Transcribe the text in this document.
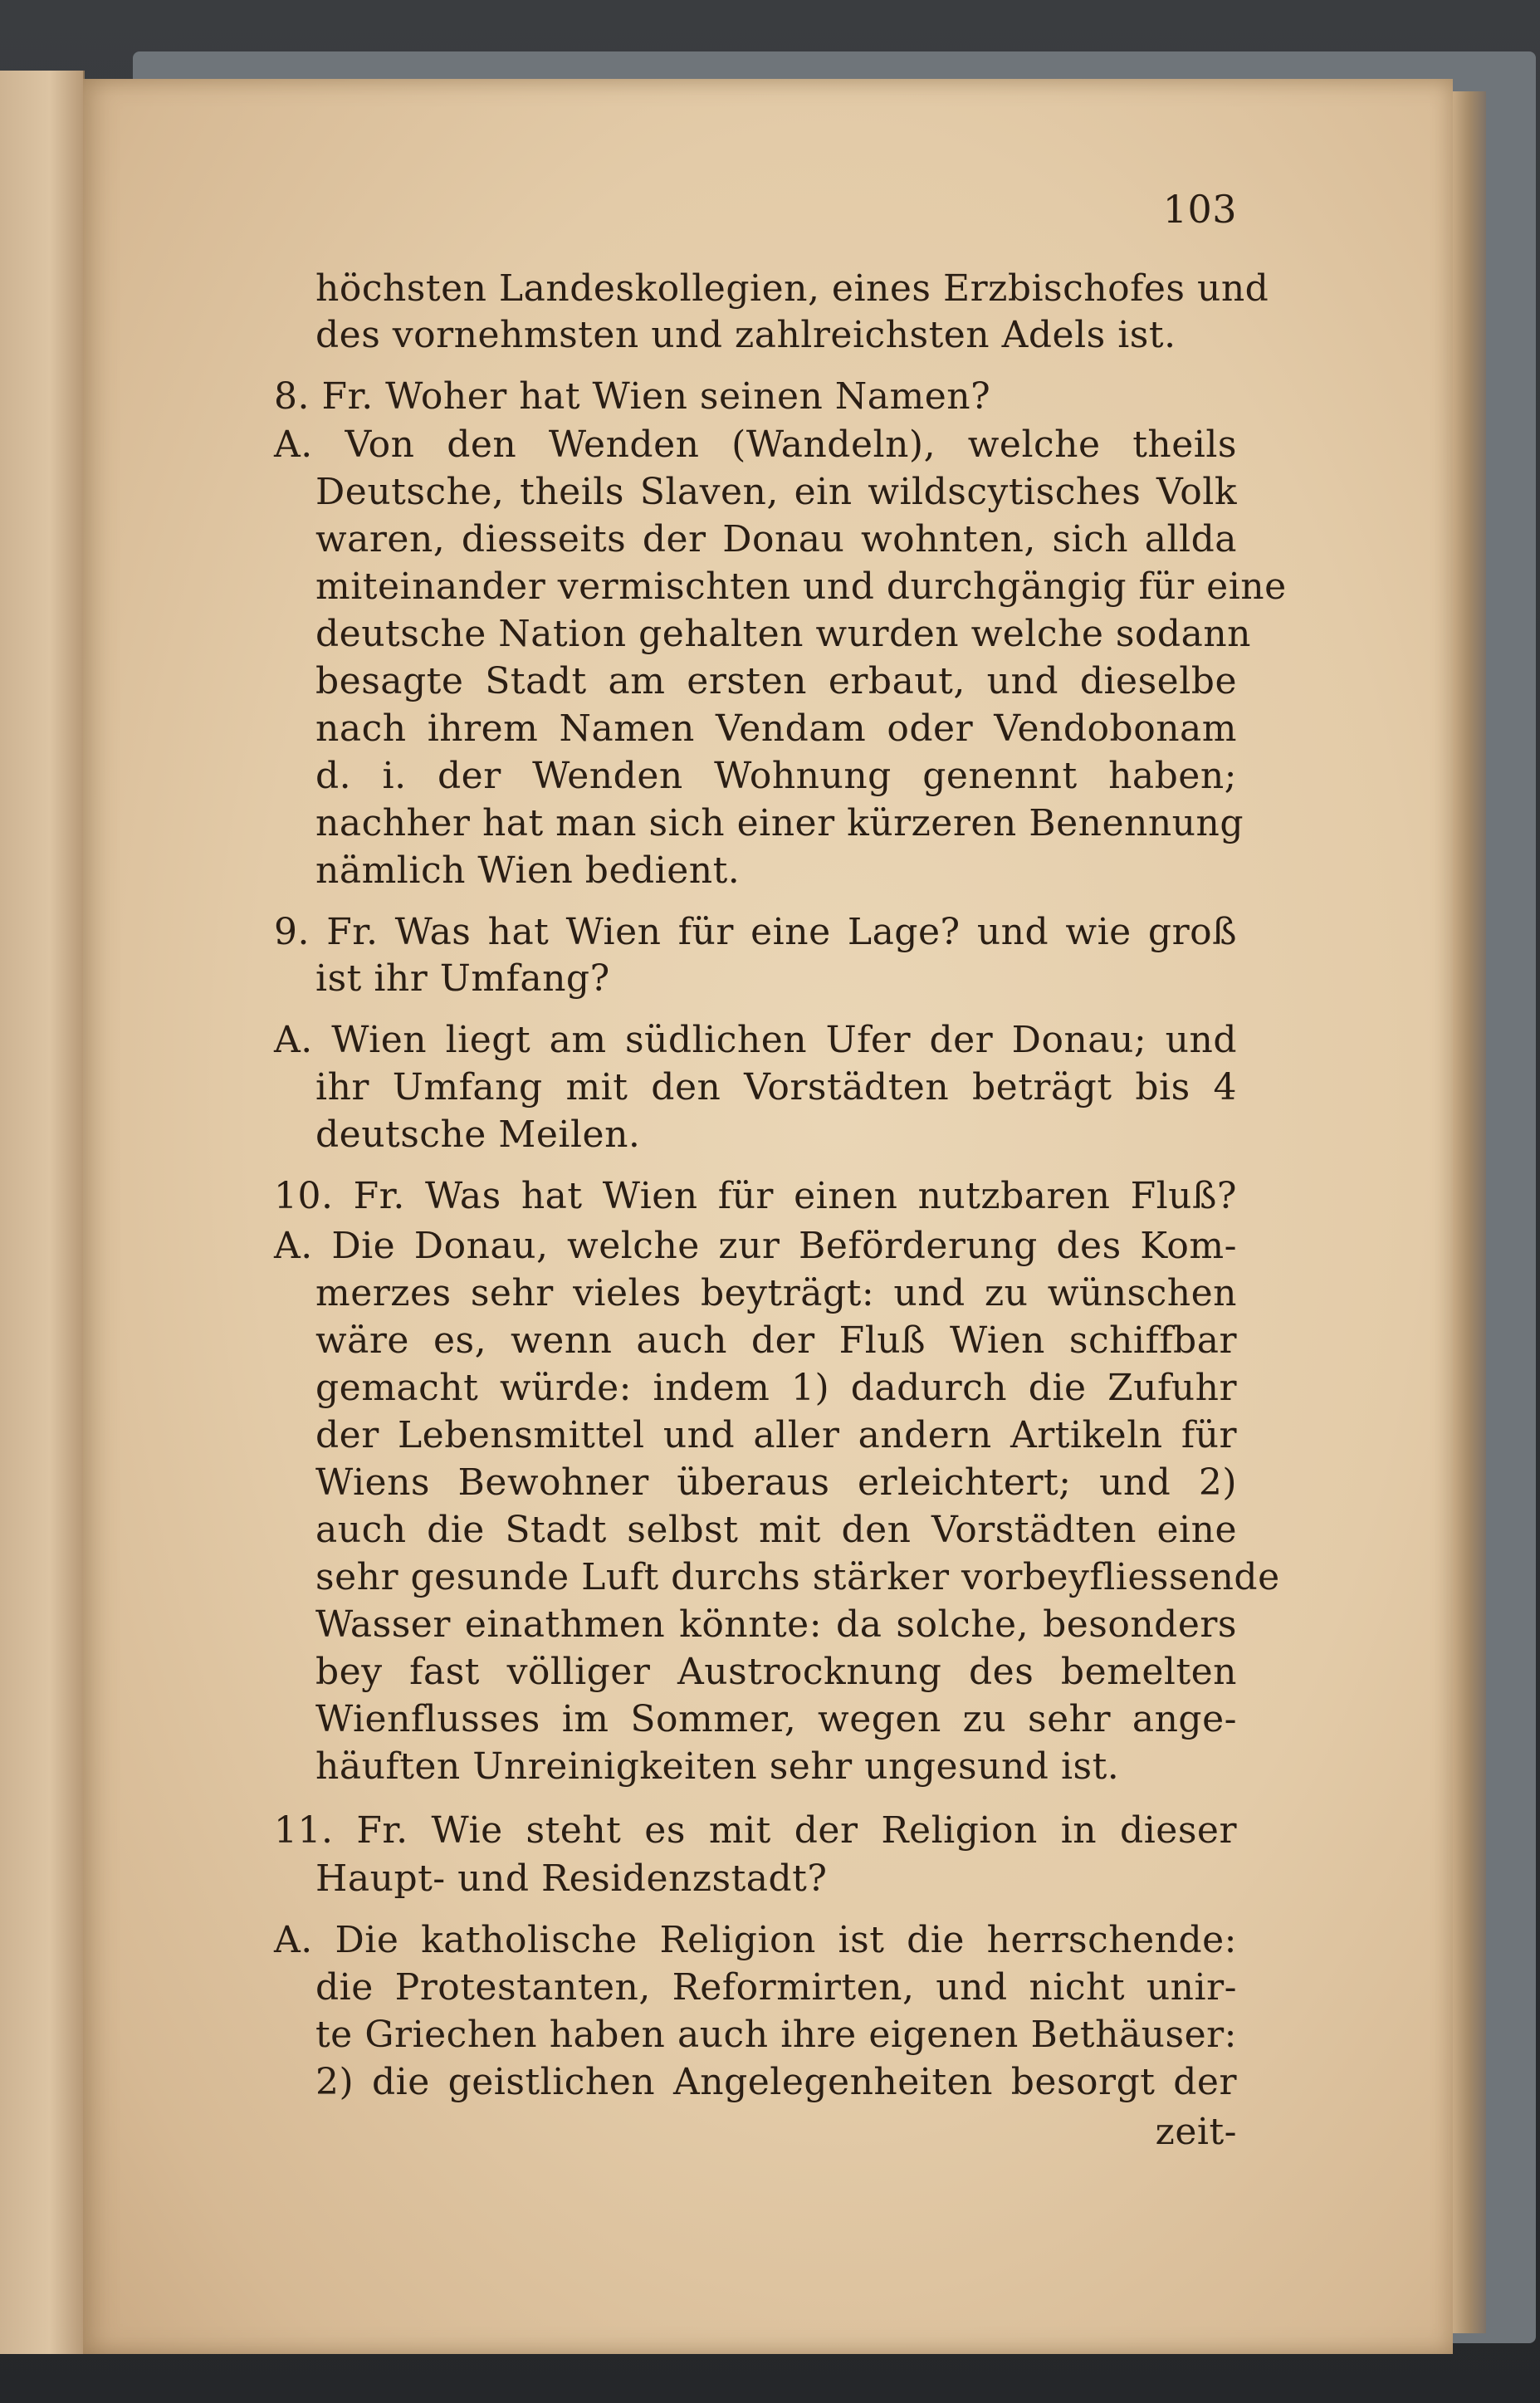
103
höchsten Landeskollegien, eines Erzbischofes und
des vornehmsten und zahlreichsten Adels ist.
8. Fr. Woher hat Wien seinen Namen?
A. Von den Wenden (Wandeln), welche theils
Deutsche, theils Slaven, ein wildscytisches Volk
waren, diesseits der Donau wohnten, sich allda
miteinander vermischten und durchgängig für eine
deutsche Nation gehalten wurden welche sodann
besagte Stadt am ersten erbaut, und dieselbe
nach ihrem Namen Vendam oder Vendobonam
d. i. der Wenden Wohnung genennt haben;
nachher hat man sich einer kürzeren Benennung
nämlich Wien bedient.
9. Fr. Was hat Wien für eine Lage? und wie groß
ist ihr Umfang?
A. Wien liegt am südlichen Ufer der Donau; und
ihr Umfang mit den Vorstädten beträgt bis 4
deutsche Meilen.
10. Fr. Was hat Wien für einen nutzbaren Fluß?
A. Die Donau, welche zur Beförderung des Kom-
merzes sehr vieles beyträgt: und zu wünschen
wäre es, wenn auch der Fluß Wien schiffbar
gemacht würde: indem 1) dadurch die Zufuhr
der Lebensmittel und aller andern Artikeln für
Wiens Bewohner überaus erleichtert; und 2)
auch die Stadt selbst mit den Vorstädten eine
sehr gesunde Luft durchs stärker vorbeyfliessende
Wasser einathmen könnte: da solche, besonders
bey fast völliger Austrocknung des bemelten
Wienflusses im Sommer, wegen zu sehr ange-
häuften Unreinigkeiten sehr ungesund ist.
11. Fr. Wie steht es mit der Religion in dieser
Haupt- und Residenzstadt?
A. Die katholische Religion ist die herrschende:
die Protestanten, Reformirten, und nicht unir-
te Griechen haben auch ihre eigenen Bethäuser:
2) die geistlichen Angelegenheiten besorgt der
zeit-
